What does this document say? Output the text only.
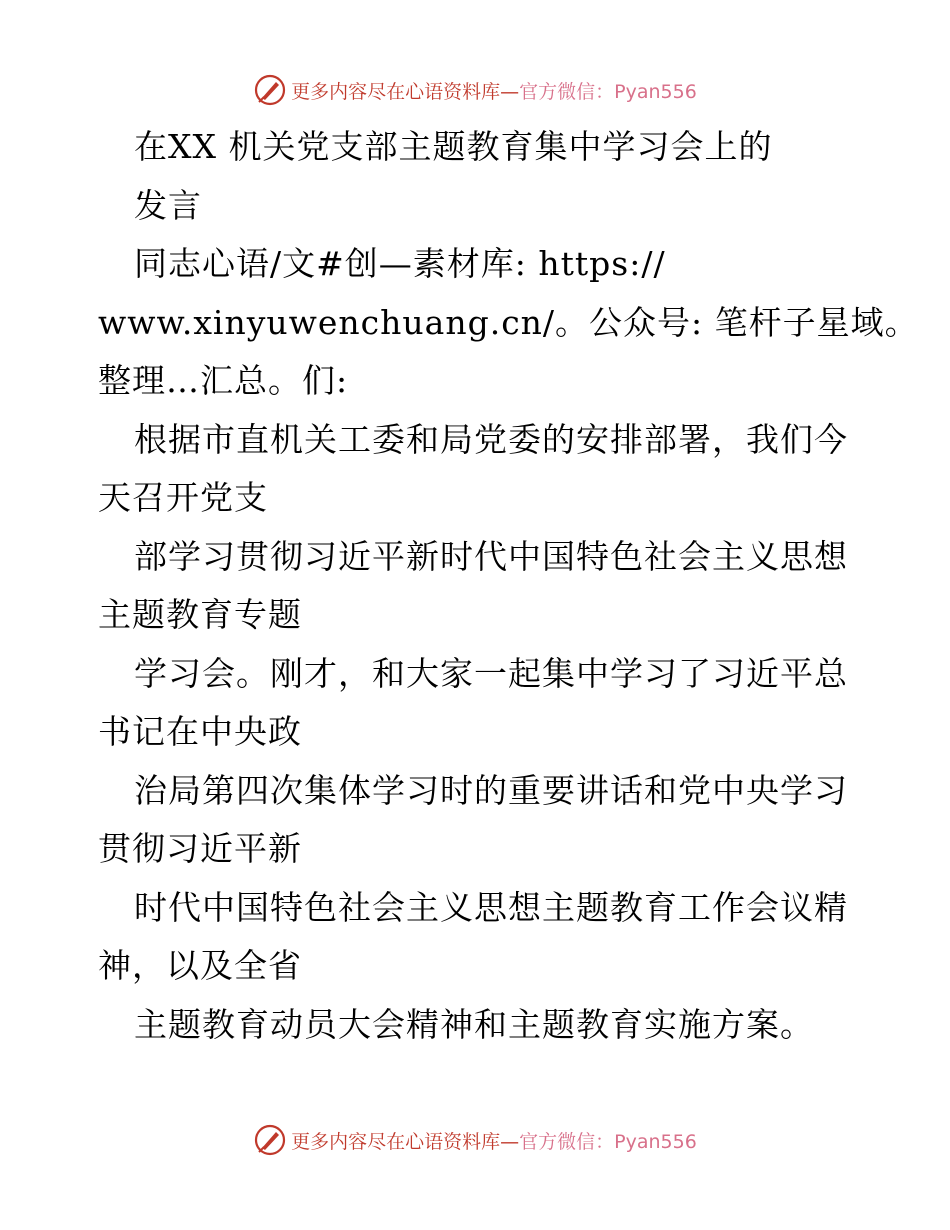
更多内容尽在心语资料库— 官方微信：Pyan556
在XX 机关党支部主题教育集中学习会上的
发言
同志心语/文#创—素材库: https://
www.xinyuwenchuang.cn/。公众号: 笔杆子星域。
整理…汇总。们:
根据市直机关工委和局党委的安排部署，我们今
天召开党支
部学习贯彻习近平新时代中国特色社会主义思想
主题教育专题
学习会。刚才，和大家一起集中学习了习近平总
书记在中央政
治局第四次集体学习时的重要讲话和党中央学习
贯彻习近平新
时代中国特色社会主义思想主题教育工作会议精
神，以及全省
主题教育动员大会精神和主题教育实施方案。
更多内容尽在心语资料库— 官方微信：Pyan556
